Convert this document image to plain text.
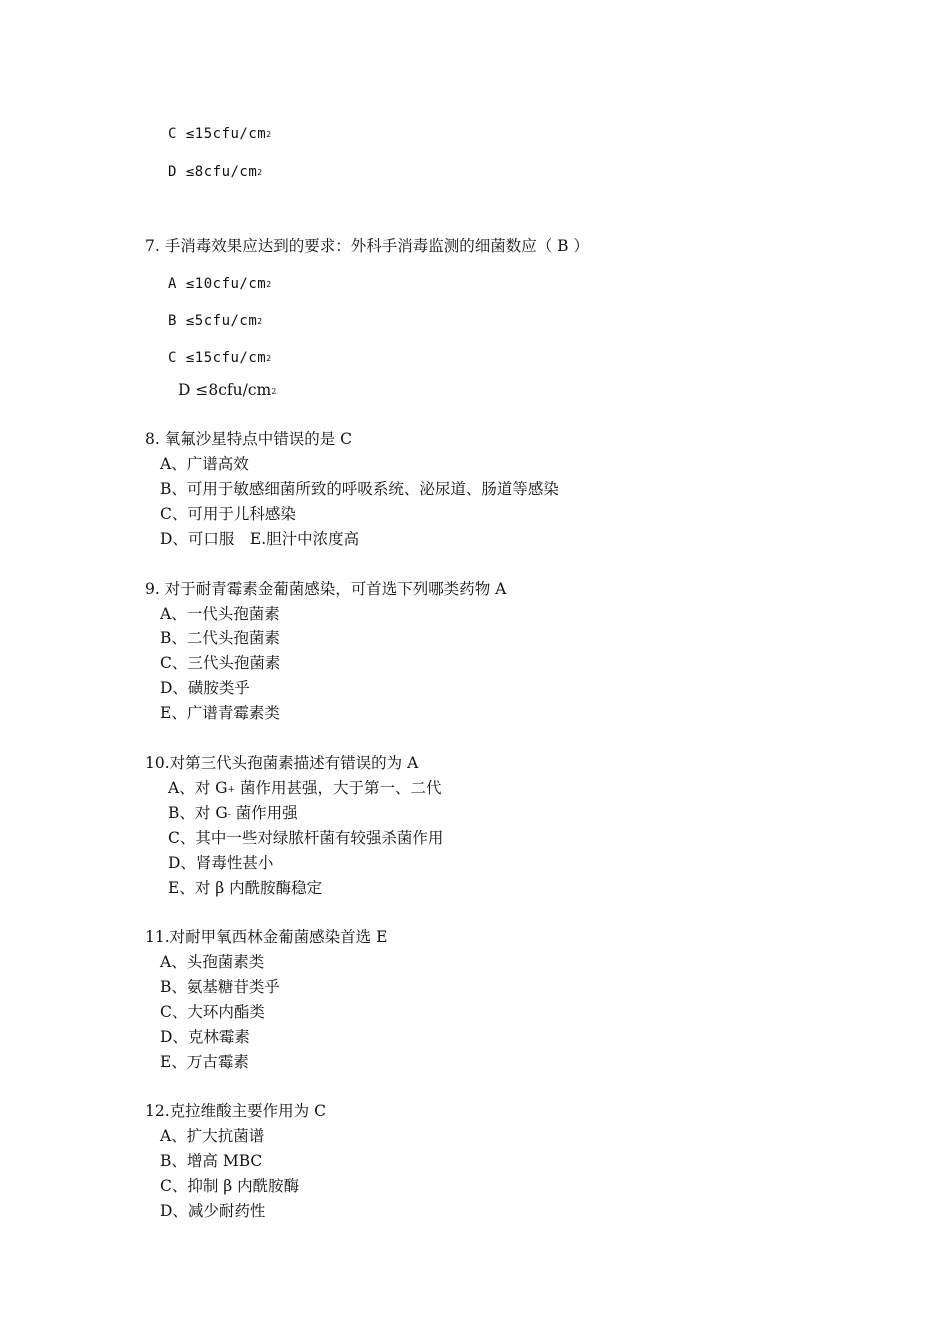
$C \le 15cfu/cm^2$
$D \le 8cfu/cm^2$
7. 手消毒效果应达到的要求：外科手消毒监测的细菌数应（ B ）
$A \le 10cfu/cm^2$
$B \le 5cfu/cm^2$
$C \le 15cfu/cm^2$
$D \le 8cfu/cm^2$
8. 氧氟沙星特点中错误的是 C
A、广谱高效
B、可用于敏感细菌所致的呼吸系统、泌尿道、肠道等感染
C、可用于儿科感染
D、可口服　E.胆汁中浓度高
9. 对于耐青霉素金葡菌感染，可首选下列哪类药物 A
A、一代头孢菌素
B、二代头孢菌素
C、三代头孢菌素
D、磺胺类乎
E、广谱青霉素类
10.对第三代头孢菌素描述有错误的为 A
A、对 G+ 菌作用甚强，大于第一、二代
B、对 G- 菌作用强
C、其中一些对绿脓杆菌有较强杀菌作用
D、肾毒性甚小
E、对 β 内酰胺酶稳定
11.对耐甲氧西林金葡菌感染首选 E
A、头孢菌素类
B、氨基糖苷类乎
C、大环内酯类
D、克林霉素
E、万古霉素
12.克拉维酸主要作用为 C
A、扩大抗菌谱
B、增高 MBC
C、抑制 β 内酰胺酶
D、减少耐药性
